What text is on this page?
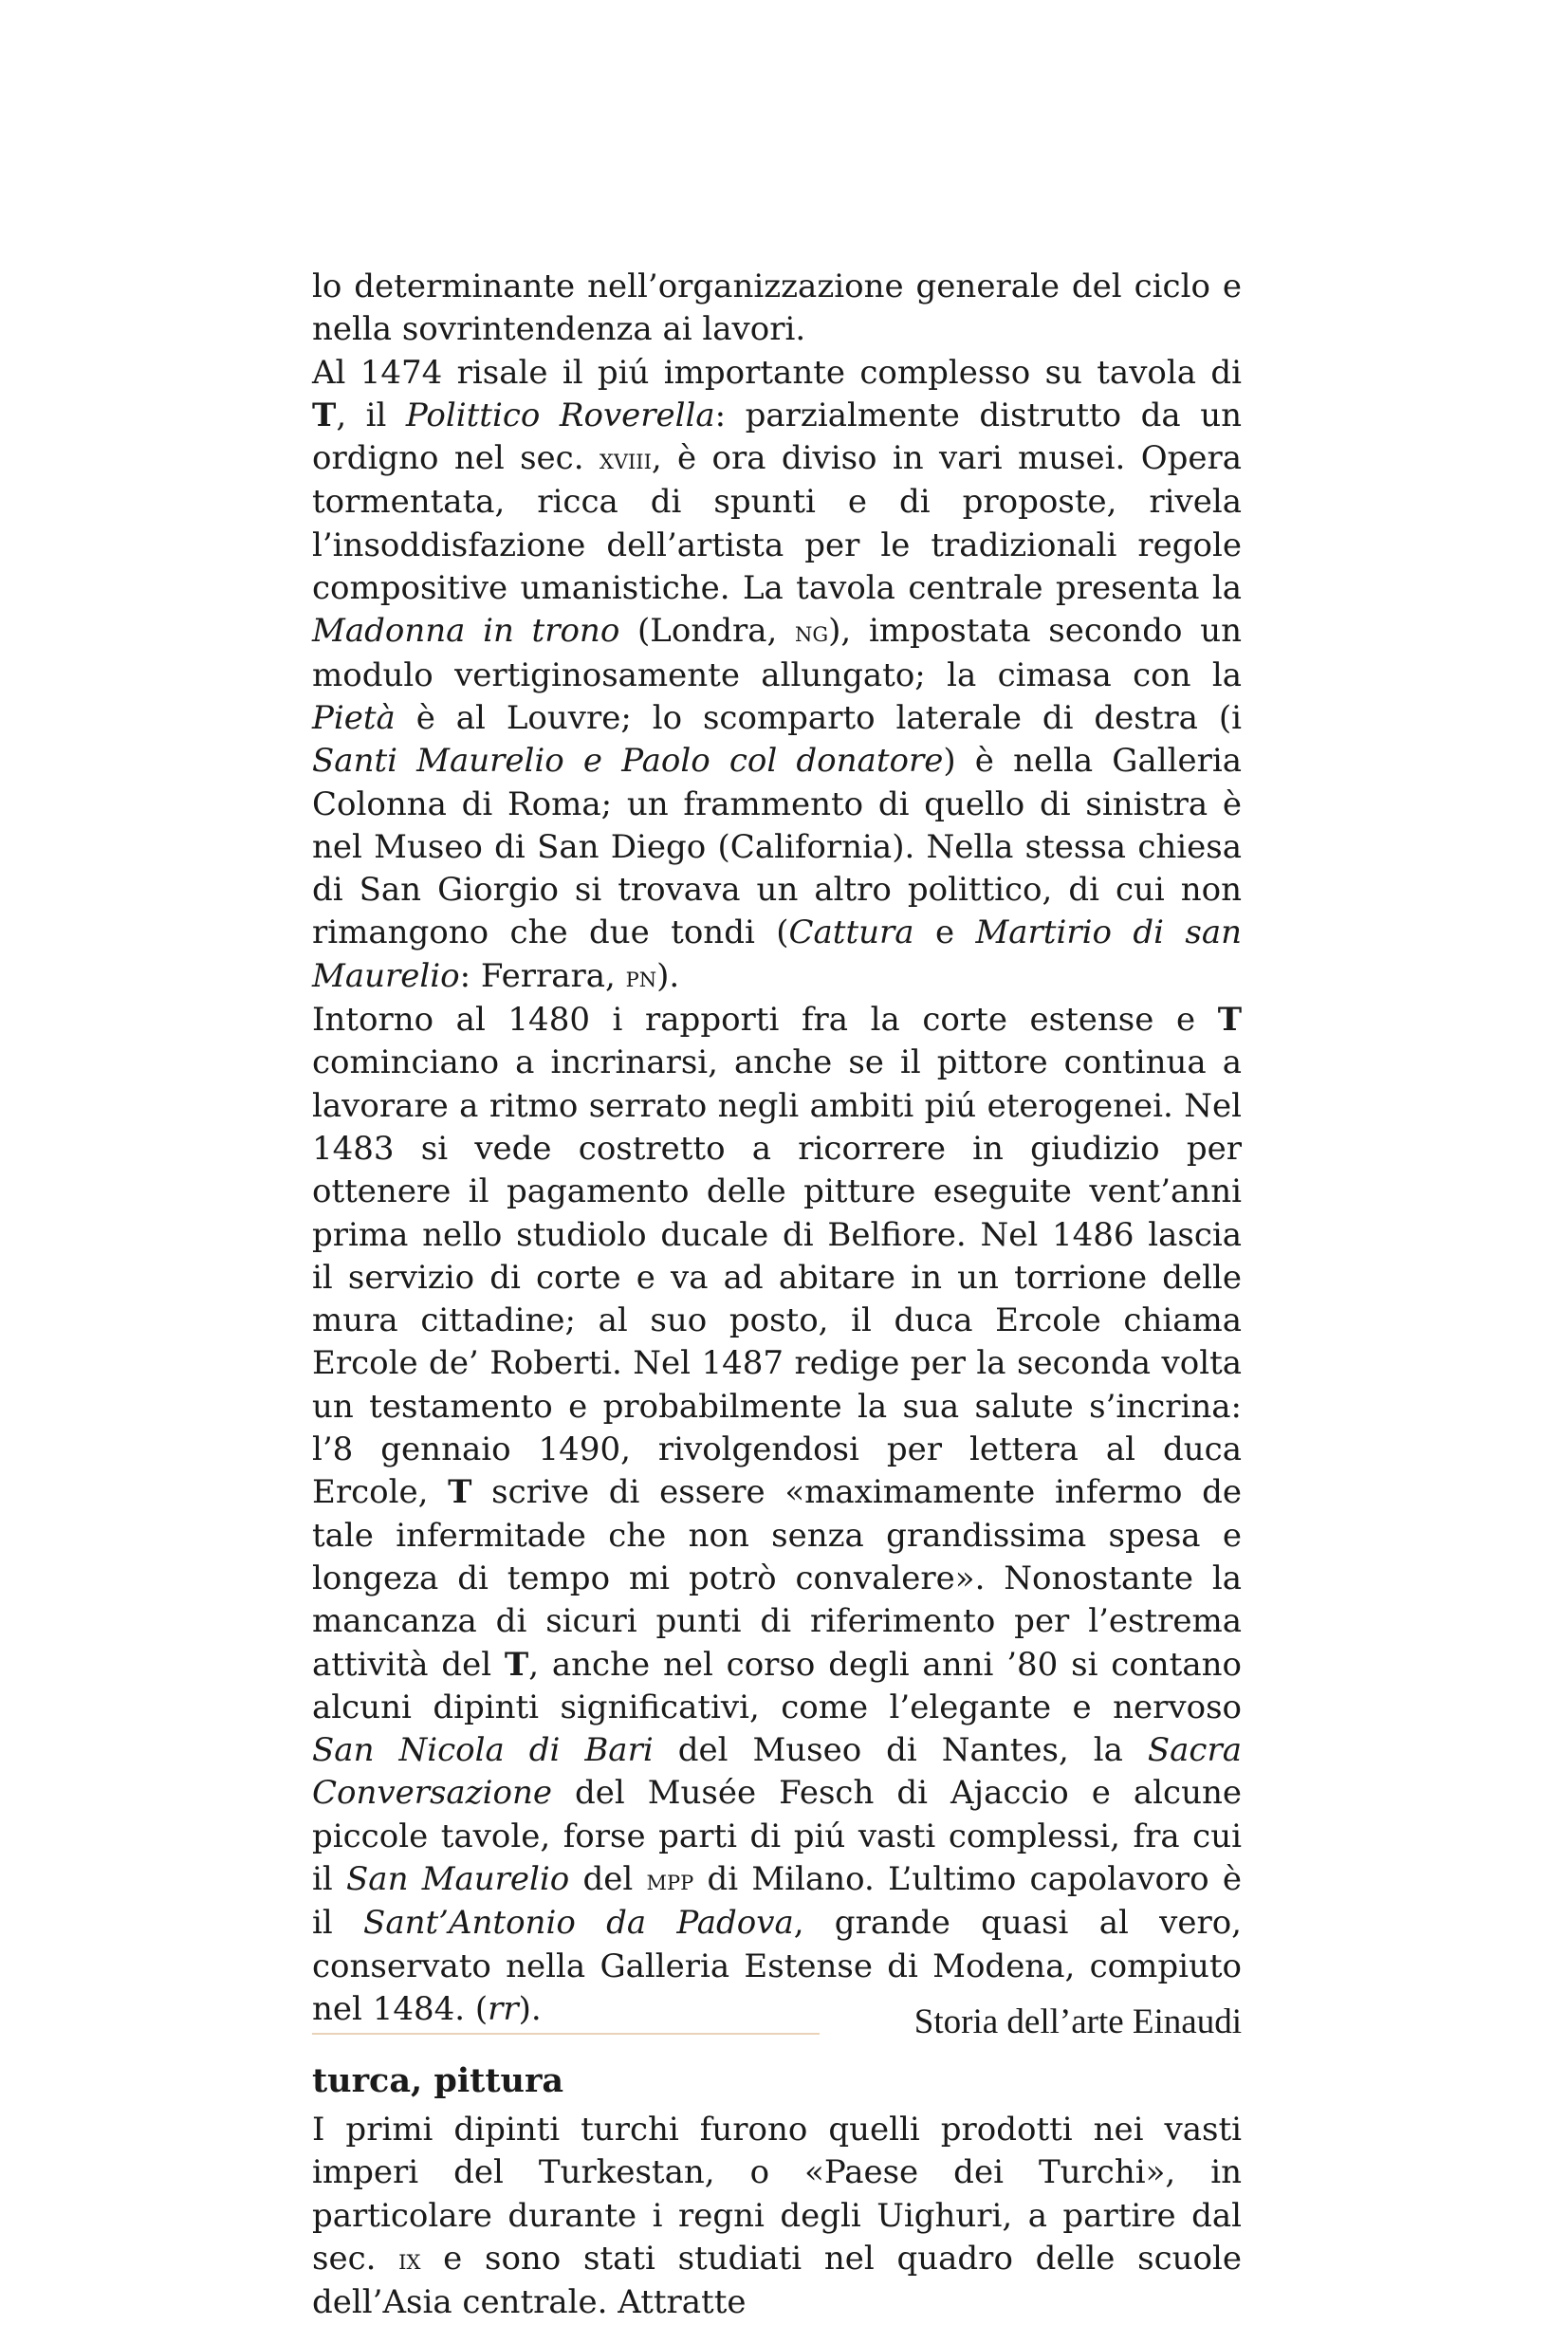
lo determinante nell’organizzazione generale del ciclo e nella sovrintendenza ai lavori.

Al 1474 risale il piú importante complesso su tavola di T, il Polittico Roverella: parzialmente distrutto da un ordigno nel sec. xviii, è ora diviso in vari musei. Opera tormentata, ricca di spunti e di proposte, rivela l’insoddisfazione dell’artista per le tradizionali regole compositive umanistiche. La tavola centrale presenta la Madonna in trono (Londra, ng), impostata secondo un modulo vertiginosamente allungato; la cimasa con la Pietà è al Louvre; lo scomparto laterale di destra (i Santi Maurelio e Paolo col donatore) è nella Galleria Colonna di Roma; un frammento di quello di sinistra è nel Museo di San Diego (California). Nella stessa chiesa di San Giorgio si trovava un altro polittico, di cui non rimangono che due tondi (Cattura e Martirio di san Maurelio: Ferrara, pn).

Intorno al 1480 i rapporti fra la corte estense e T cominciano a incrinarsi, anche se il pittore continua a lavorare a ritmo serrato negli ambiti piú eterogenei. Nel 1483 si vede costretto a ricorrere in giudizio per ottenere il pagamento delle pitture eseguite vent’anni prima nello studiolo ducale di Belfiore. Nel 1486 lascia il servizio di corte e va ad abitare in un torrione delle mura cittadine; al suo posto, il duca Ercole chiama Ercole de’ Roberti. Nel 1487 redige per la seconda volta un testamento e probabilmente la sua salute s’incrina: l’8 gennaio 1490, rivolgendosi per lettera al duca Ercole, T scrive di essere «maximamente infermo de tale infermitade che non senza grandissima spesa e longeza di tempo mi potrò convalere». Nonostante la mancanza di sicuri punti di riferimento per l’estrema attività del T, anche nel corso degli anni ’80 si contano alcuni dipinti significativi, come l’elegante e nervoso San Nicola di Bari del Museo di Nantes, la Sacra Conversazione del Musée Fesch di Ajaccio e alcune piccole tavole, forse parti di piú vasti complessi, fra cui il San Maurelio del mpp di Milano. L’ultimo capolavoro è il Sant’Antonio da Padova, grande quasi al vero, conservato nella Galleria Estense di Modena, compiuto nel 1484. (rr).

turca, pittura

I primi dipinti turchi furono quelli prodotti nei vasti imperi del Turkestan, o «Paese dei Turchi», in particolare durante i regni degli Uighuri, a partire dal sec. ix e sono stati studiati nel quadro delle scuole dell’Asia centrale. Attratte

Storia dell’arte Einaudi
